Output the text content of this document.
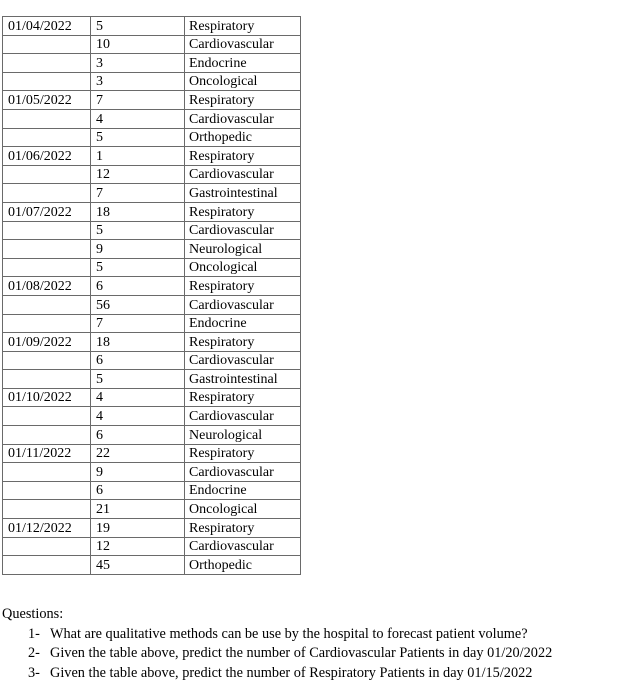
01/04/2022	5	Respiratory
	10	Cardiovascular
	3	Endocrine
	3	Oncological
01/05/2022	7	Respiratory
	4	Cardiovascular
	5	Orthopedic
01/06/2022	1	Respiratory
	12	Cardiovascular
	7	Gastrointestinal
01/07/2022	18	Respiratory
	5	Cardiovascular
	9	Neurological
	5	Oncological
01/08/2022	6	Respiratory
	56	Cardiovascular
	7	Endocrine
01/09/2022	18	Respiratory
	6	Cardiovascular
	5	Gastrointestinal
01/10/2022	4	Respiratory
	4	Cardiovascular
	6	Neurological
01/11/2022	22	Respiratory
	9	Cardiovascular
	6	Endocrine
	21	Oncological
01/12/2022	19	Respiratory
	12	Cardiovascular
	45	Orthopedic

Questions:

1- What are qualitative methods can be use by the hospital to forecast patient volume?
2- Given the table above, predict the number of Cardiovascular Patients in day 01/20/2022
3- Given the table above, predict the number of Respiratory Patients in day 01/15/2022
